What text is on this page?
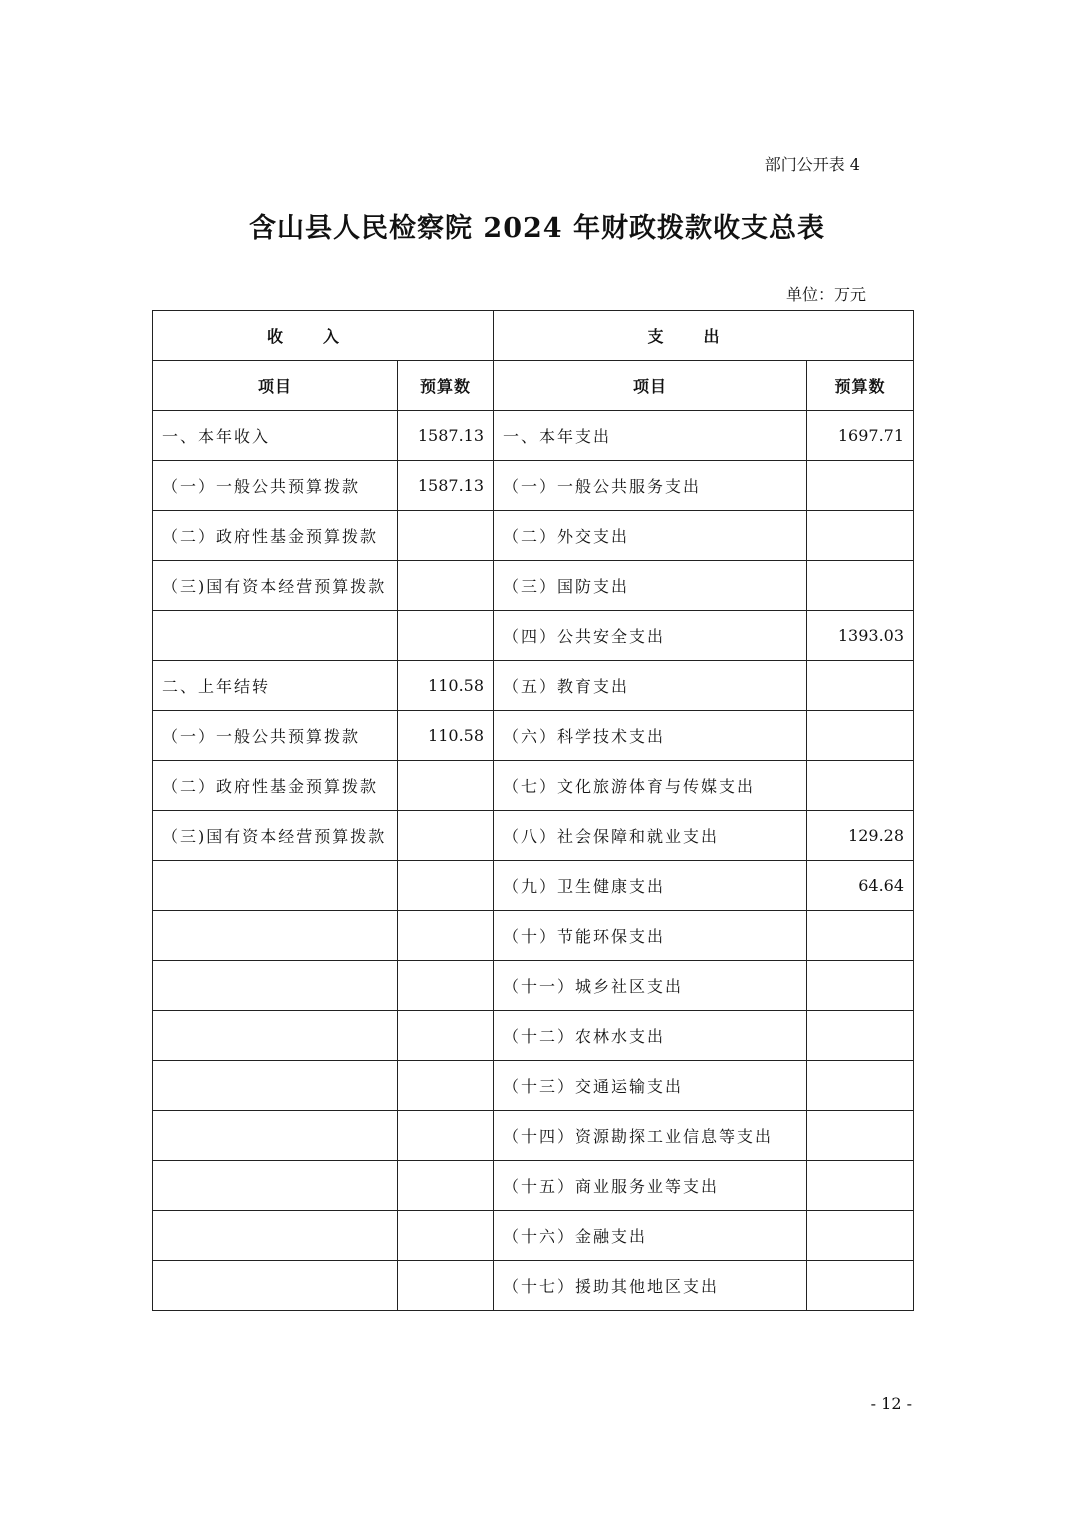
部门公开表 4
含山县人民检察院 2024 年财政拨款收支总表
单位：万元
收入		支出	
项目	预算数	项目	预算数
一、本年收入	1587.13	一、本年支出	1697.71
（一）一般公共预算拨款	1587.13	（一）一般公共服务支出	
（二）政府性基金预算拨款		（二）外交支出	
（三)国有资本经营预算拨款		（三）国防支出	
		（四）公共安全支出	1393.03
二、上年结转	110.58	（五）教育支出	
（一）一般公共预算拨款	110.58	（六）科学技术支出	
（二）政府性基金预算拨款		（七）文化旅游体育与传媒支出	
（三)国有资本经营预算拨款		（八）社会保障和就业支出	129.28
		（九）卫生健康支出	64.64
		（十）节能环保支出	
		（十一）城乡社区支出	
		（十二）农林水支出	
		（十三）交通运输支出	
		（十四）资源勘探工业信息等支出	
		（十五）商业服务业等支出	
		（十六）金融支出	
		（十七）援助其他地区支出	
- 12 -
